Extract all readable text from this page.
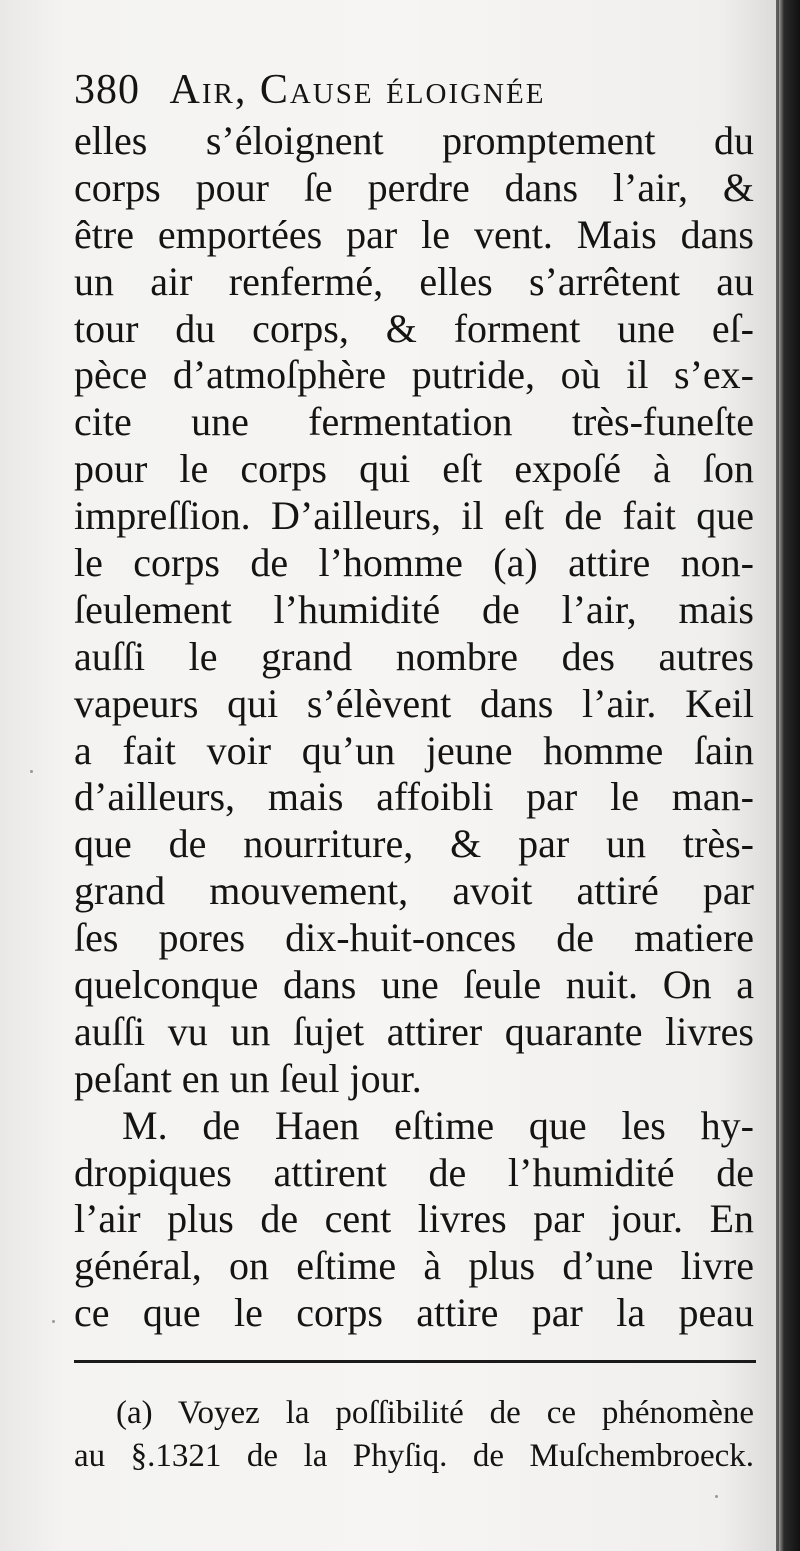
380 Air, Cause éloignée
elles s’éloignent promptement du
corps pour ſe perdre dans l’air, &
être emportées par le vent. Mais dans
un air renfermé, elles s’arrêtent au
tour du corps, & forment une eſ-
pèce d’atmoſphère putride, où il s’ex-
cite une fermentation très-funeſte
pour le corps qui eſt expoſé à ſon
impreſſion. D’ailleurs, il eſt de fait que
le corps de l’homme (a) attire non-
ſeulement l’humidité de l’air, mais
auſſi le grand nombre des autres
vapeurs qui s’élèvent dans l’air. Keil
a fait voir qu’un jeune homme ſain
d’ailleurs, mais affoibli par le man-
que de nourriture, & par un très-
grand mouvement, avoit attiré par
ſes pores dix-huit-onces de matiere
quelconque dans une ſeule nuit. On a
auſſi vu un ſujet attirer quarante livres
peſant en un ſeul jour.
M. de Haen eſtime que les hy-
dropiques attirent de l’humidité de
l’air plus de cent livres par jour. En
général, on eſtime à plus d’une livre
ce que le corps attire par la peau
(a) Voyez la poſſibilité de ce phénomène
au §.1321 de la Phyſiq. de Muſchembroeck.
